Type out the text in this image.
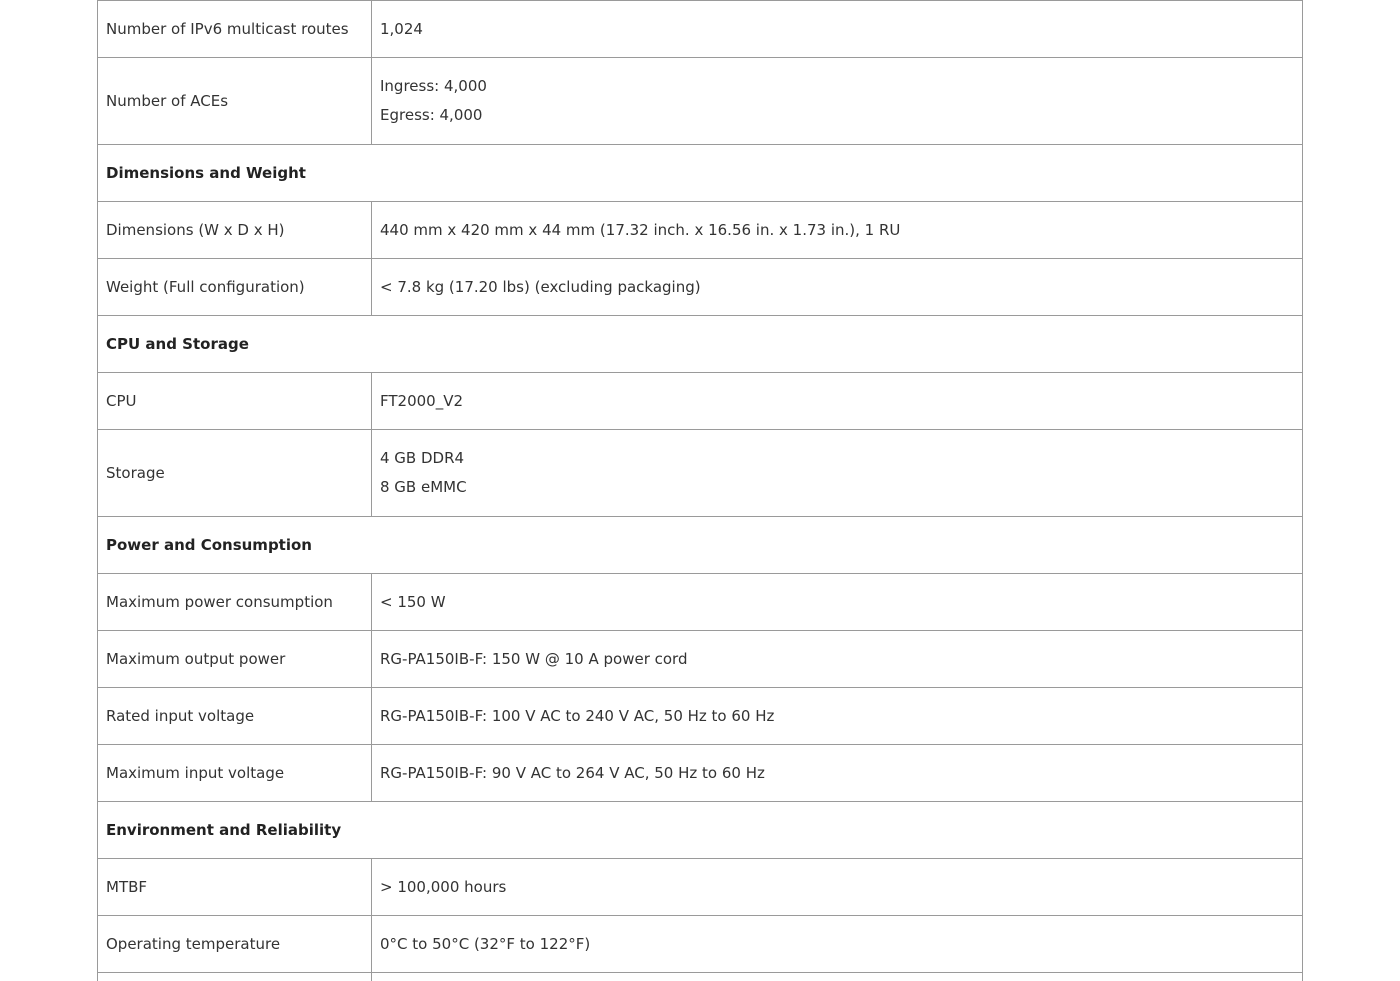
Number of IPv6 multicast routes	1,024

Number of ACEs	Ingress: 4,000
Egress: 4,000

Dimensions and Weight	
Dimensions (W x D x H)	440 mm x 420 mm x 44 mm (17.32 inch. x 16.56 in. x 1.73 in.), 1 RU

Weight (Full configuration)	< 7.8 kg (17.20 lbs) (excluding packaging)

CPU and Storage	
CPU	FT2000_V2

Storage	4 GB DDR4
8 GB eMMC

Power and Consumption	
Maximum power consumption	< 150 W

Maximum output power	RG-PA150IB-F: 150 W @ 10 A power cord

Rated input voltage	RG-PA150IB-F: 100 V AC to 240 V AC, 50 Hz to 60 Hz

Maximum input voltage	RG-PA150IB-F: 90 V AC to 264 V AC, 50 Hz to 60 Hz

Environment and Reliability	
MTBF	> 100,000 hours

Operating temperature	0°C to 50°C (32°F to 122°F)
